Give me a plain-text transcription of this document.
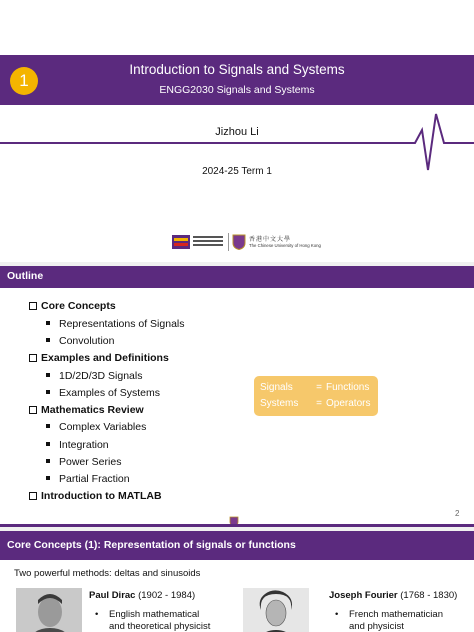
1
Introduction to Signals and Systems
ENGG2030 Signals and Systems
Jizhou Li
2024-25 Term 1
香港中文大學
The Chinese University of Hong Kong
Outline
Core Concepts
Representations of Signals
Convolution
Examples and Definitions
1D/2D/3D Signals
Examples of Systems
Mathematics Review
Complex Variables
Integration
Power Series
Partial Fraction
Introduction to MATLAB
Signals = Functions
Systems = Operators
2
Core Concepts (1): Representation of signals or functions
Two powerful methods: deltas and sinusoids
Paul Dirac (1902 - 1984)
• English mathematical
and theoretical physicist
Joseph Fourier (1768 - 1830)
• French mathematician
and physicist
